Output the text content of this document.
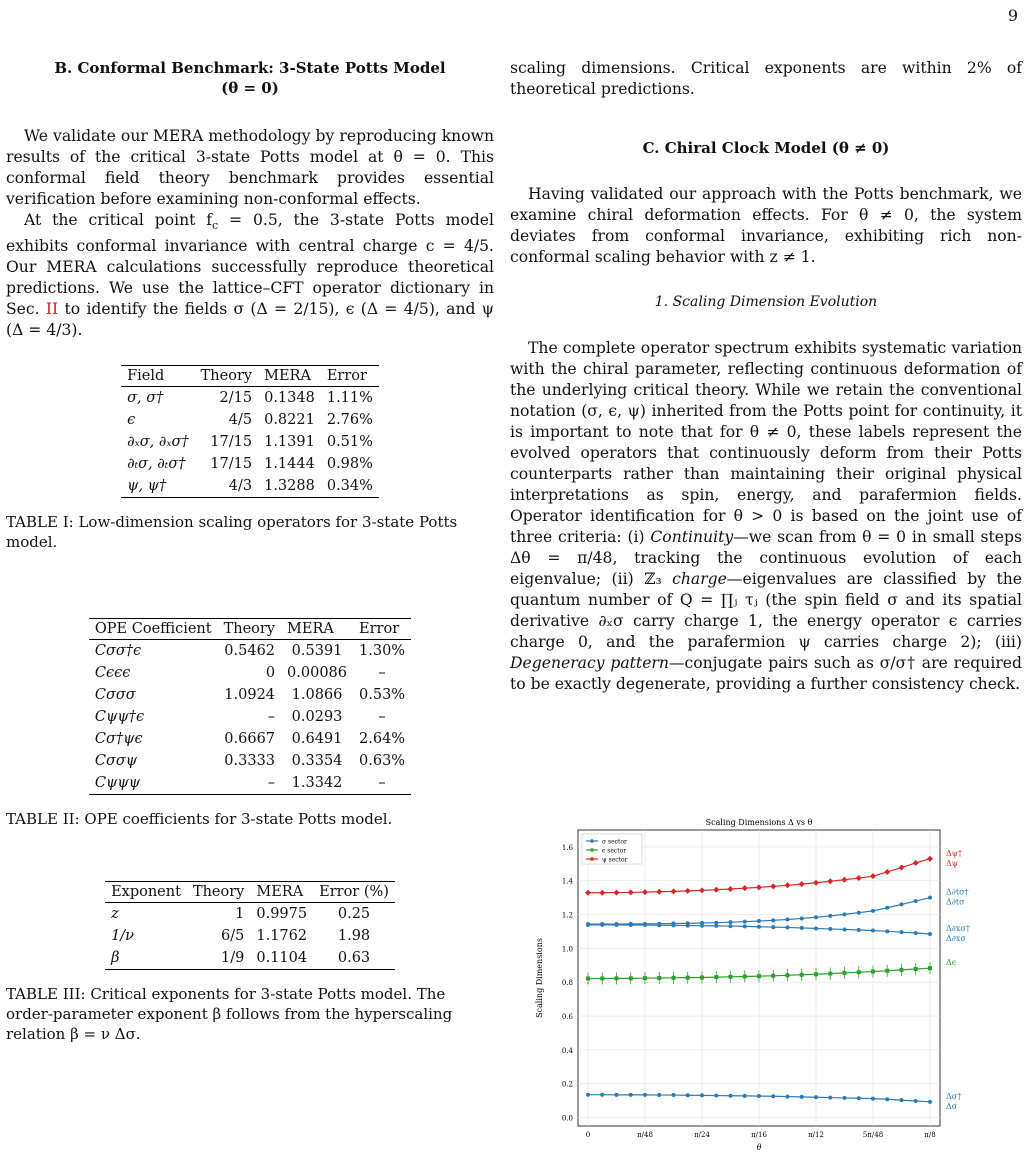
9
B. Conformal Benchmark: 3-State Potts Model
(θ = 0)

We validate our MERA methodology by reproducing known results of the critical 3-state Potts model at θ = 0. This conformal field theory benchmark provides essential verification before examining non-conformal effects.

At the critical point $f_c = 0.5$, the 3-state Potts model exhibits conformal invariance with central charge c = 4/5. Our MERA calculations successfully reproduce theoretical predictions. We use the lattice–CFT operator dictionary in Sec. II to identify the fields σ (Δ = 2/15), ϵ (Δ = 4/5), and ψ (Δ = 4/3).

Field	Theory	MERA	Error
σ, σ†	2/15	0.1348	1.11%
ϵ	4/5	0.8221	2.76%
∂ₓσ, ∂ₓσ†	17/15	1.1391	0.51%
∂ₜσ, ∂ₜσ†	17/15	1.1444	0.98%
ψ, ψ†	4/3	1.3288	0.34%

TABLE I: Low-dimension scaling operators for 3-state Potts model.

OPE Coefficient	Theory	MERA	Error
Cσσ†ϵ	0.5462	0.5391	1.30%
Cϵϵϵ	0	0.00086	–
Cσσσ	1.0924	1.0866	0.53%
Cψψ†ϵ	–	0.0293	–
Cσ†ψϵ	0.6667	0.6491	2.64%
Cσσψ	0.3333	0.3354	0.63%
Cψψψ	–	1.3342	–

TABLE II: OPE coefficients for 3-state Potts model.

Exponent	Theory	MERA	Error (%)
z	1	0.9975	0.25
1/ν	6/5	1.1762	1.98
β	1/9	0.1104	0.63

TABLE III: Critical exponents for 3-state Potts model. The order-parameter exponent β follows from the hyperscaling relation β = ν Δσ.

scaling dimensions. Critical exponents are within 2% of theoretical predictions.

C. Chiral Clock Model (θ ≠ 0)

Having validated our approach with the Potts benchmark, we examine chiral deformation effects. For θ ≠ 0, the system deviates from conformal invariance, exhibiting rich non-conformal scaling behavior with z ≠ 1.

1. Scaling Dimension Evolution

The complete operator spectrum exhibits systematic variation with the chiral parameter, reflecting continuous deformation of the underlying critical theory. While we retain the conventional notation (σ, ϵ, ψ) inherited from the Potts point for continuity, it is important to note that for θ ≠ 0, these labels represent the evolved operators that continuously deform from their Potts counterparts rather than maintaining their original physical interpretations as spin, energy, and parafermion fields. Operator identification for θ > 0 is based on the joint use of three criteria: (i) Continuity—we scan from θ = 0 in small steps Δθ = π/48, tracking the continuous evolution of each eigenvalue; (ii) ℤ₃ charge—eigenvalues are classified by the quantum number of Q = ∏ⱼ τⱼ (the spin field σ and its spatial derivative ∂ₓσ carry charge 1, the energy operator ϵ carries charge 0, and the parafermion ψ carries charge 2); (iii) Degeneracy pattern—conjugate pairs such as σ/σ† are required to be exactly degenerate, providing a further consistency check.

0.0
0.2
0.4
0.6
0.8
1.0
1.2
1.4
1.6
0	π/48	π/24	π/16	π/12	5π/48	π/8
Scaling Dimensions Δ vs θ
θ
Scaling Dimensions
Δψ†
Δψ
Δ∂tσ†
Δ∂tσ
Δ∂xσ†
Δ∂xσ
Δϵ
Δσ†
Δσ
σ sector
ϵ sector
ψ sector
